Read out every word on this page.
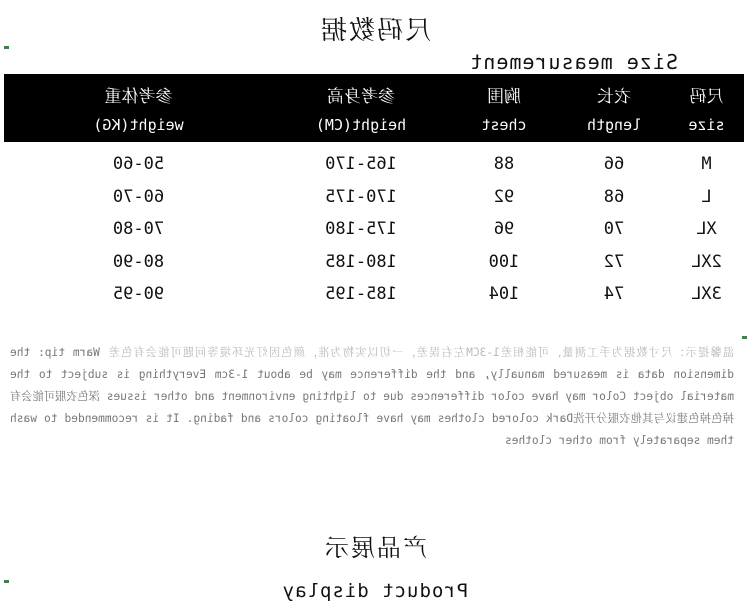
尺码数据
Size measurement
尺码
衣长
胸围
参考身高
参考体重
size
length
chest
height(CM)
weight(KG)
M
66
88
165-170
50-60
L
68
92
170-175
60-70
XL
70
96
175-180
70-80
2XL
72
100
180-185
80-90
3XL
74
104
185-195
90-95
温馨提示：尺寸数据为手工测量，可能相差1-3CM左右误差，一切以实物为准，颜色因灯光环境等问题可能会有色差 Warm tip: the dimension data is measured manually, and the difference may be about 1-3cm Everything is subject to the material object Color may have color differences due to lighting environment and other issues 深色衣服可能会有掉色掉色建议与其他衣服分开洗Dark colored clothes may have floating colors and fading. It is recommended to wash them separately from other clothes
产品展示
Product display
